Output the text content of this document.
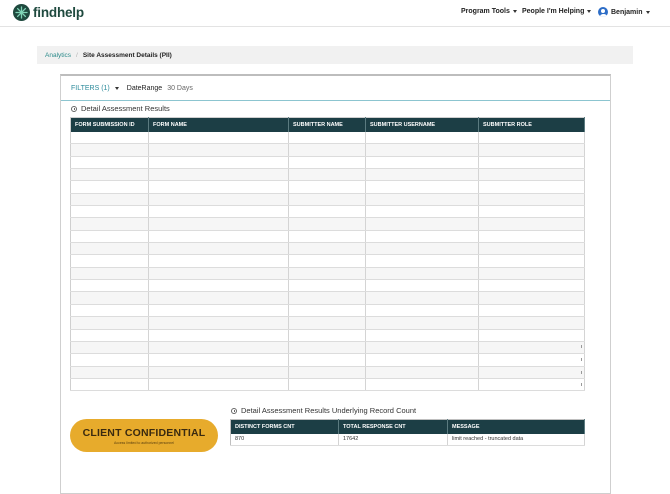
findhelp	Program Tools People I'm Helping	Benjamin
Analytics / Site Assessment Details (PII)
FILTERS (1) DateRange 30 Days
Detail Assessment Results
FORM SUBMISSION ID	FORM NAME	SUBMITTER NAME	SUBMITTER USERNAME	SUBMITTER ROLE

Detail Assessment Results Underlying Record Count
CLIENT CONFIDENTIAL
Access limited to authorized personnel
DISTINCT FORMS CNT	TOTAL RESPONSE CNT	MESSAGE
870	17642	limit reached - truncated data
